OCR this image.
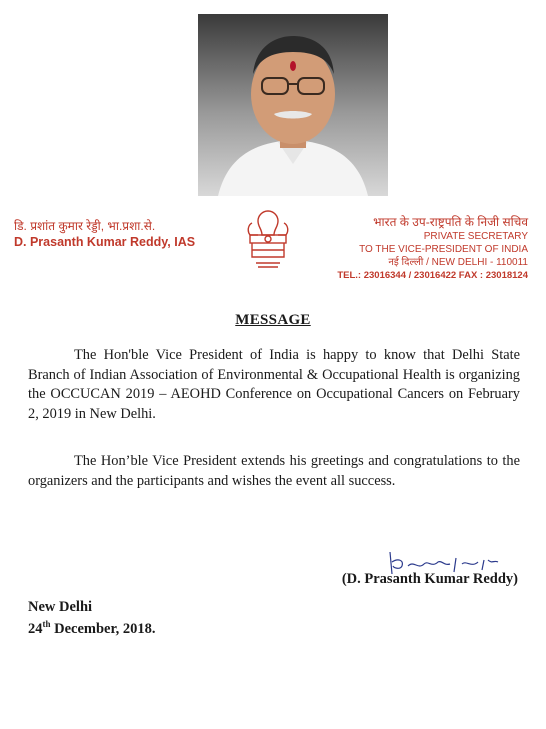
डि. प्रशांत कुमार रेड्डी, भा.प्रशा.से.
D. Prasanth Kumar Reddy, IAS
भारत के उप-राष्ट्रपति के निजी सचिव
PRIVATE SECRETARY
TO THE VICE-PRESIDENT OF INDIA
नई दिल्ली / NEW DELHI - 110011
TEL.: 23016344 / 23016422 FAX : 23018124
MESSAGE
The Hon'ble Vice President of India is happy to know that Delhi State Branch of Indian Association of Environmental & Occupational Health is organizing the OCCUCAN 2019 – AEOHD Conference on Occupational Cancers on February 2, 2019 in New Delhi.
The Hon’ble Vice President extends his greetings and congratulations to the organizers and the participants and wishes the event all success.
(D. Prasanth Kumar Reddy)
New Delhi
24th December, 2018.
